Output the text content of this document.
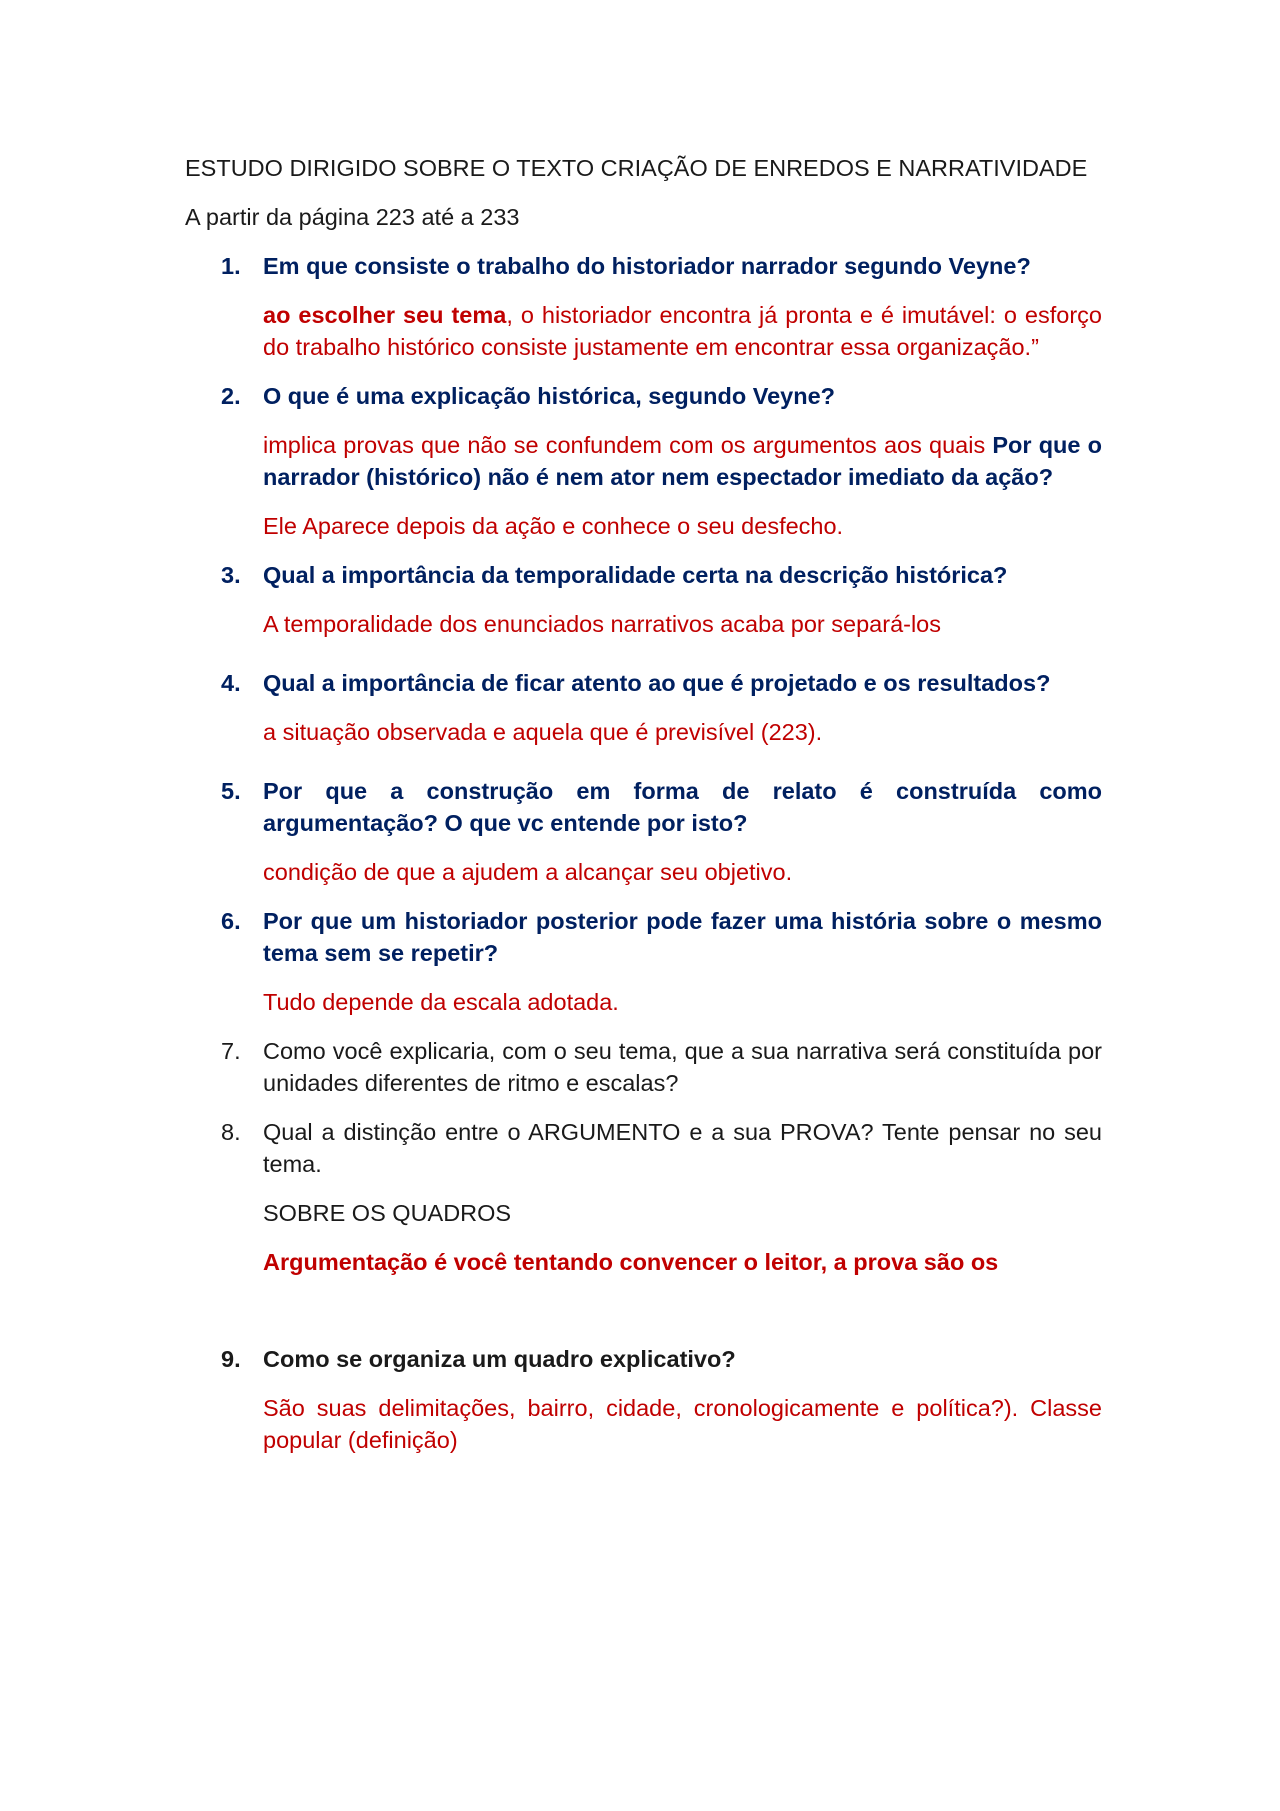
ESTUDO DIRIGIDO SOBRE O TEXTO CRIAÇÃO DE ENREDOS E NARRATIVIDADE

A partir da página 223 até a 233

1. Em que consiste o trabalho do historiador narrador segundo Veyne?

ao escolher seu tema, o historiador encontra já pronta e é imutável: o esforço do trabalho histórico consiste justamente em encontrar essa organização.”

2. O que é uma explicação histórica, segundo Veyne?

implica provas que não se confundem com os argumentos aos quais Por que o narrador (histórico) não é nem ator nem espectador imediato da ação?

Ele Aparece depois da ação e conhece o seu desfecho.

3. Qual a importância da temporalidade certa na descrição histórica?

A temporalidade dos enunciados narrativos acaba por separá-los

4. Qual a importância de ficar atento ao que é projetado e os resultados?

a situação observada e aquela que é previsível (223).

5. Por que a construção em forma de relato é construída como argumentação? O que vc entende por isto?

condição de que a ajudem a alcançar seu objetivo.

6. Por que um historiador posterior pode fazer uma história sobre o mesmo tema sem se repetir?

Tudo depende da escala adotada.

7. Como você explicaria, com o seu tema, que a sua narrativa será constituída por unidades diferentes de ritmo e escalas?

8. Qual a distinção entre o ARGUMENTO e a sua PROVA? Tente pensar no seu tema.

SOBRE OS QUADROS

Argumentação é você tentando convencer o leitor, a prova são os

9. Como se organiza um quadro explicativo?

São suas delimitações, bairro, cidade, cronologicamente e política?). Classe popular (definição)
